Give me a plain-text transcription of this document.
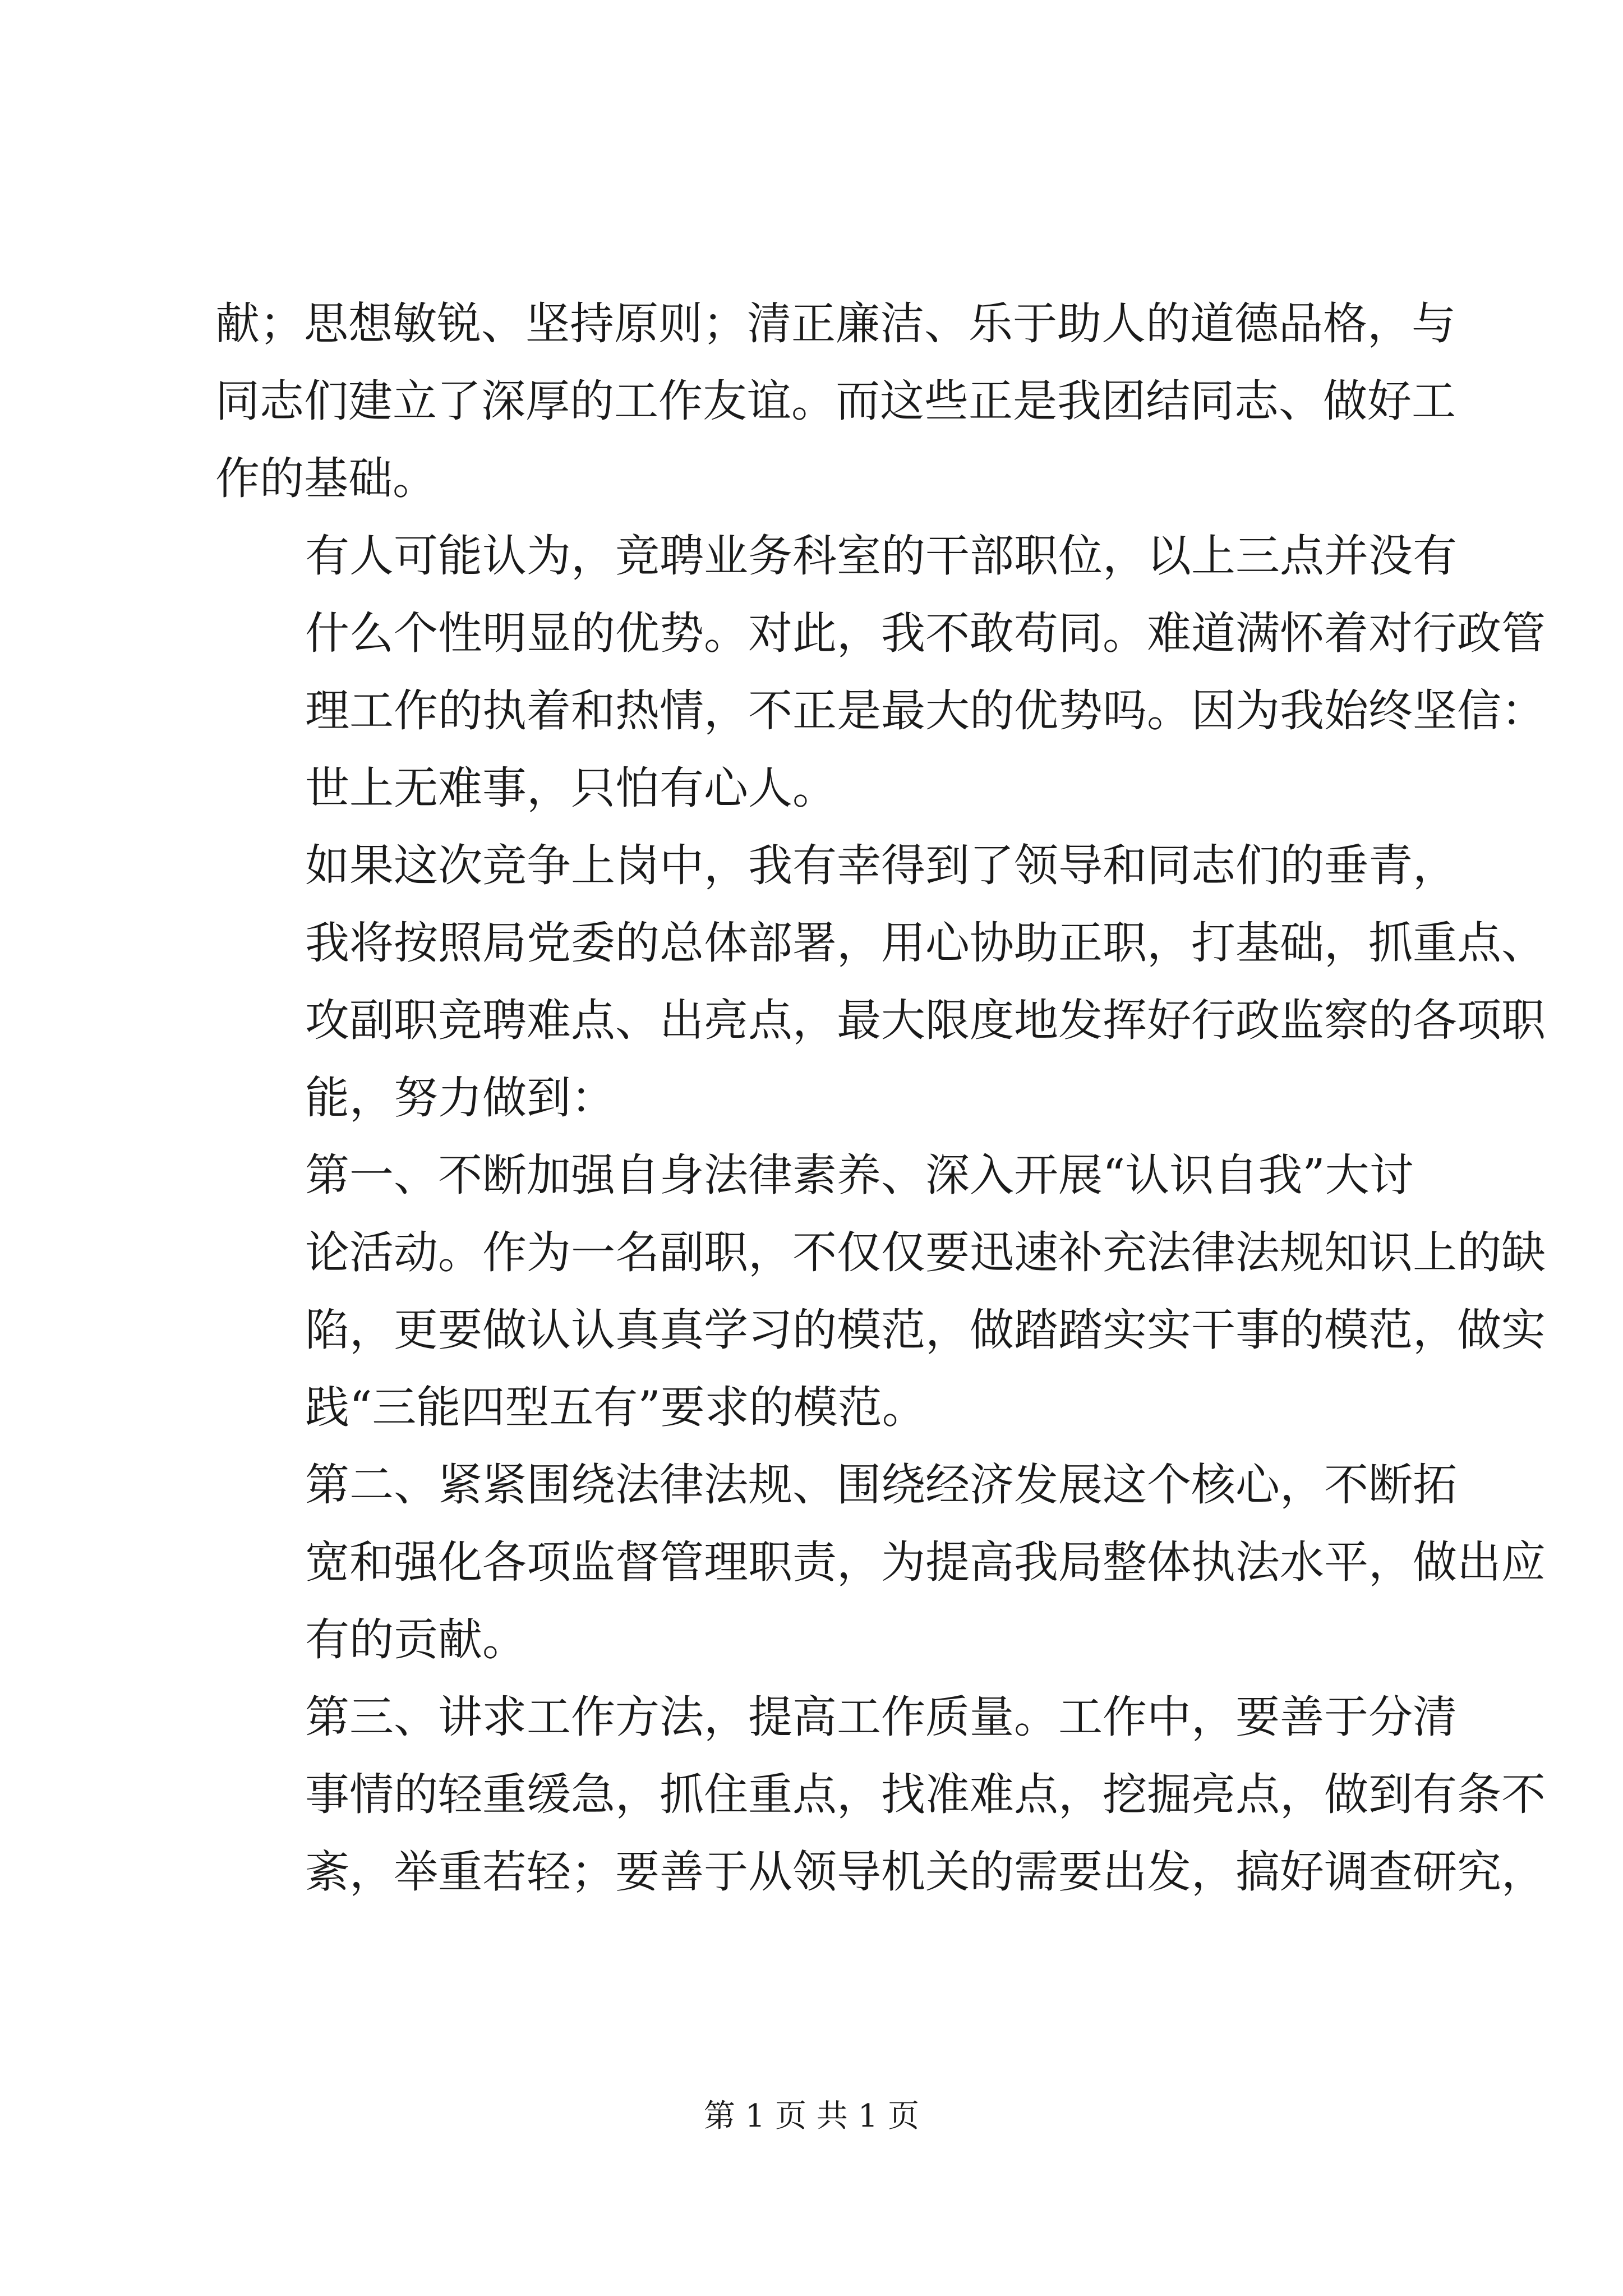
献；思想敏锐、坚持原则；清正廉洁、乐于助人的道德品格，与
同志们建立了深厚的工作友谊。而这些正是我团结同志、做好工
作的基础。

有人可能认为，竞聘业务科室的干部职位，以上三点并没有
什么个性明显的优势。对此，我不敢苟同。难道满怀着对行政管
理工作的执着和热情，不正是最大的优势吗。因为我始终坚信：
世上无难事，只怕有心人。

如果这次竞争上岗中，我有幸得到了领导和同志们的垂青，
我将按照局党委的总体部署，用心协助正职，打基础，抓重点、
攻副职竞聘难点、出亮点，最大限度地发挥好行政监察的各项职
能，努力做到：

第一、不断加强自身法律素养、深入开展“认识自我”大讨
论活动。作为一名副职，不仅仅要迅速补充法律法规知识上的缺
陷，更要做认认真真学习的模范，做踏踏实实干事的模范，做实
践“三能四型五有”要求的模范。

第二、紧紧围绕法律法规、围绕经济发展这个核心，不断拓
宽和强化各项监督管理职责，为提高我局整体执法水平，做出应
有的贡献。

第三、讲求工作方法，提高工作质量。工作中，要善于分清
事情的轻重缓急，抓住重点，找准难点，挖掘亮点，做到有条不
紊，举重若轻；要善于从领导机关的需要出发，搞好调查研究，

第 1 页 共 1 页
